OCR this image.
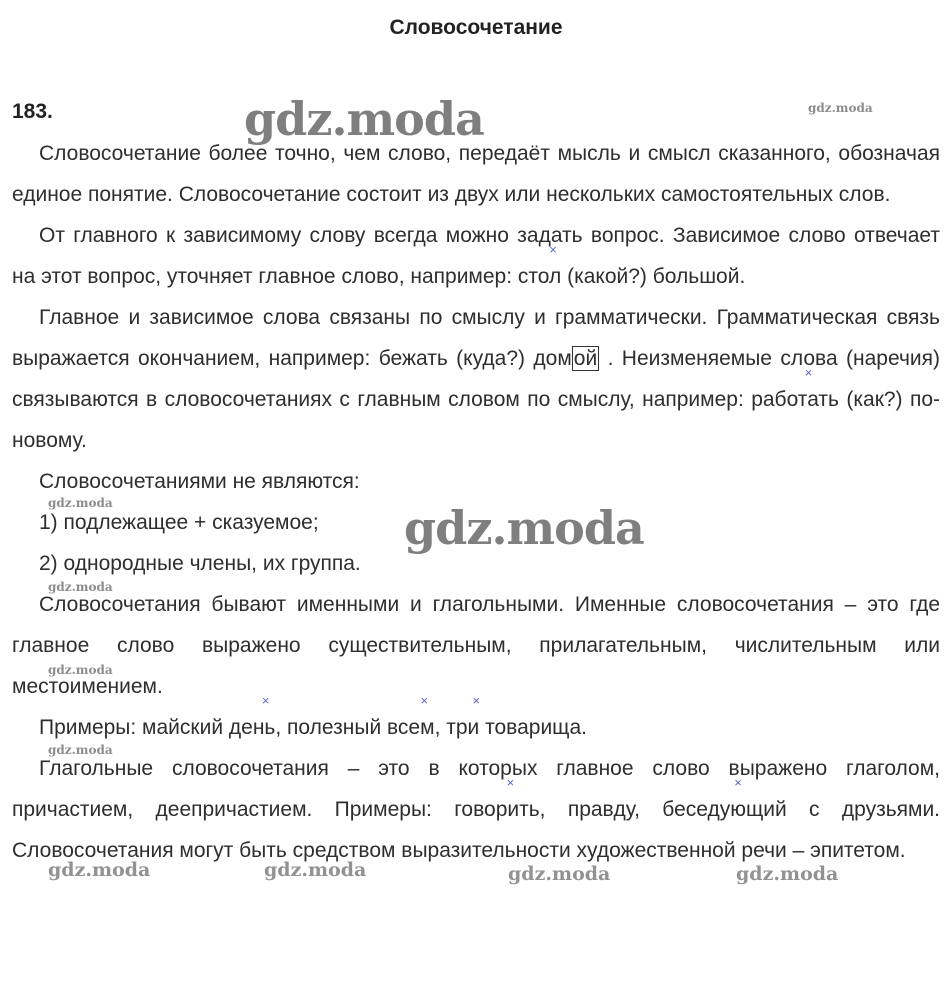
Словосочетание
183.

Словосочетание более точно, чем слово, передаёт мысль и смысл сказанного, обозначая единое понятие. Словосочетание состоит из двух или нескольких самостоятельных слов.

От главного к зависимому слову всегда можно задать вопрос. Зависимое слово отвечает на этот вопрос, уточняет главное слово, например: × стол (какой?) большой.

Главное и зависимое слова связаны по смыслу и грамматически. Грамматическая связь выражается окончанием, например: бежать (куда?) домой . Неизменяемые слова (наречия) связываются в словосочетаниях с главным словом по смыслу, например: × работать (как?) по-новому.

Словосочетаниями не являются:

1) подлежащее + сказуемое;

2) однородные члены, их группа.

Словосочетания бывают именными и глагольными. Именные словосочетания – это где главное слово выражено существительным, прилагательным, числительным или местоимением.

Примеры: майский × день, полезный × всем, × три товарища.

Глагольные словосочетания – это в которых главное слово выражено глаголом, причастием, деепричастием. Примеры: × говорить, правду, × беседующий с друзьями. Словосочетания могут быть средством выразительности художественной речи – эпитетом.

gdz.moda	gdz.moda
gdz.moda
gdz.moda
gdz.moda
gdz.moda
gdz.moda
gdz.moda	gdz.moda	gdz.moda	gdz.moda
